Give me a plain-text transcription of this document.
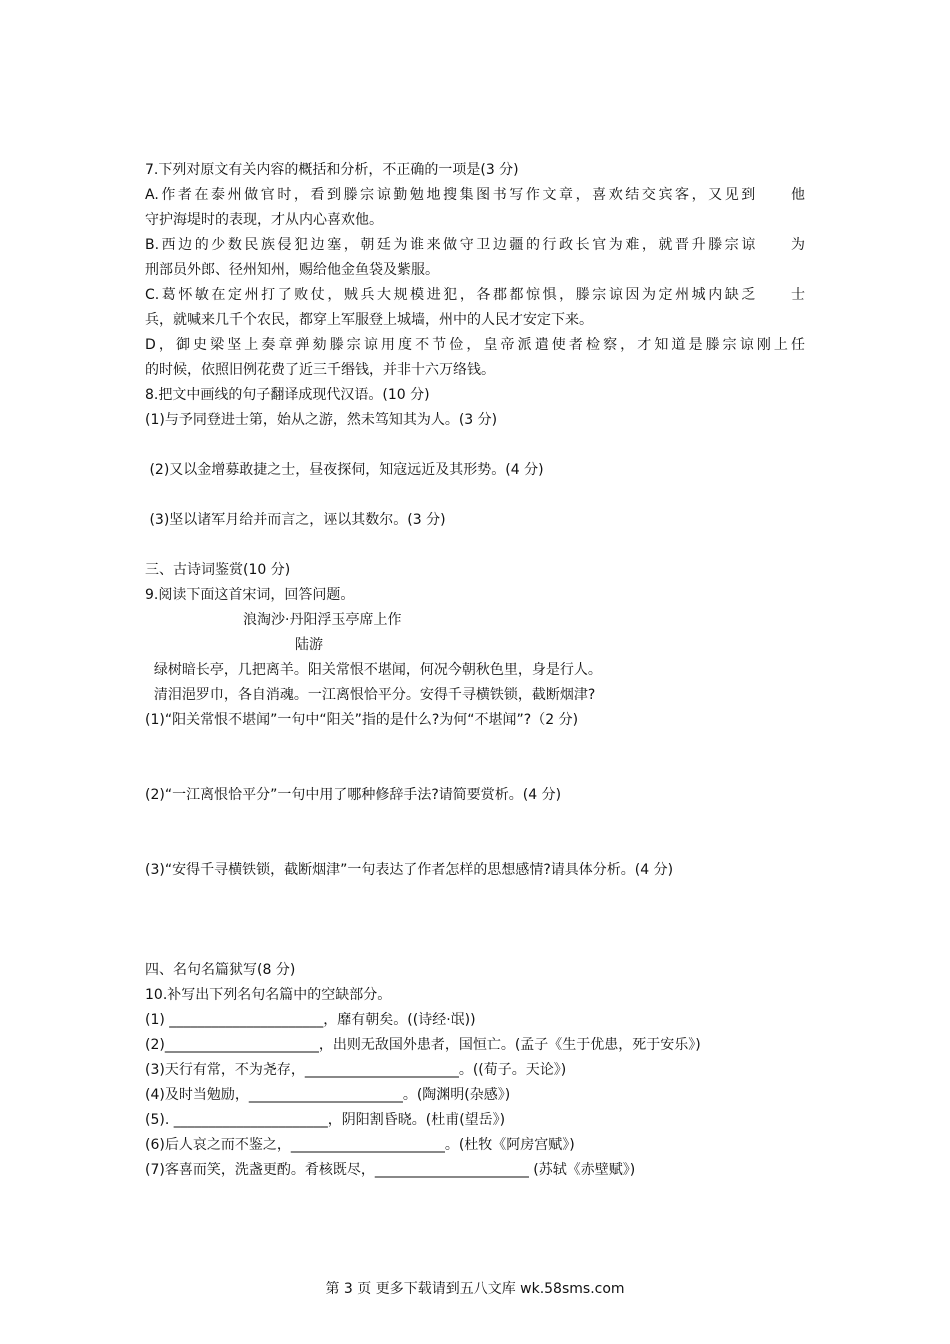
7.下列对原文有关内容的概括和分析，不正确的一项是(3 分)

A.作者在泰州做官时，看到滕宗谅勤勉地搜集图书写作文章，喜欢结交宾客，又见到　　他

守护海堤时的表现，才从内心喜欢他。

B.西边的少数民族侵犯边塞，朝廷为谁来做守卫边疆的行政长官为难，就晋升滕宗谅　　为

刑部员外郎、径州知州，赐给他金鱼袋及紫服。

C.葛怀敏在定州打了败仗，贼兵大规模进犯，各郡都惊惧，滕宗谅因为定州城内缺乏　　士

兵，就喊来几千个农民，都穿上军服登上城墙，州中的人民才安定下来。

D，御史梁坚上奏章弹劾滕宗谅用度不节俭，皇帝派遣使者检察，才知道是滕宗谅刚上任

的时候，依照旧例花费了近三千缗钱，并非十六万络钱。

8.把文中画线的句子翻译成现代汉语。(10 分)

(1)与予同登进士第，始从之游，然未笃知其为人。(3 分)

(2)又以金增募敢捷之士，昼夜探伺，知寇远近及其形势。(4 分)

(3)坚以诸军月给并而言之，诬以其数尔。(3 分)

三、古诗词鉴赏(10 分)

9.阅读下面这首宋词，回答问题。

浪淘沙·丹阳浮玉亭席上作

陆游

绿树暗长亭，几把离羊。阳关常恨不堪闻，何况今朝秋色里，身是行人。

清泪浥罗巾，各自消魂。一江离恨恰平分。安得千寻横铁锁，截断烟津?

(1)“阳关常恨不堪闻”一句中“阳关”指的是什么?为何“不堪闻”?（2 分)

(2)“一江离恨恰平分”一句中用了哪种修辞手法?请简要赏析。(4 分)

(3)“安得千寻横铁锁，截断烟津”一句表达了作者怎样的思想感情?请具体分析。(4 分)

四、名句名篇狱写(8 分)

10.补写出下列名句名篇中的空缺部分。

(1) ______________________，靡有朝矣。((诗经·氓))

(2)______________________，出则无敌国外患者，国恒亡。(孟子《生于优患，死于安乐》)

(3)天行有常，不为尧存，______________________。((荀子。天论》)

(4)及时当勉励，______________________。(陶渊明(杂感》)

(5). ______________________，阴阳割昏晓。(杜甫(望岳》)

(6)后人哀之而不鉴之，______________________。(杜牧《阿房宫赋》)

(7)客喜而笑，洗盏更酌。肴核既尽，______________________ (苏轼《赤壁赋》)

第 3 页 更多下载请到五八文库 wk.58sms.com
